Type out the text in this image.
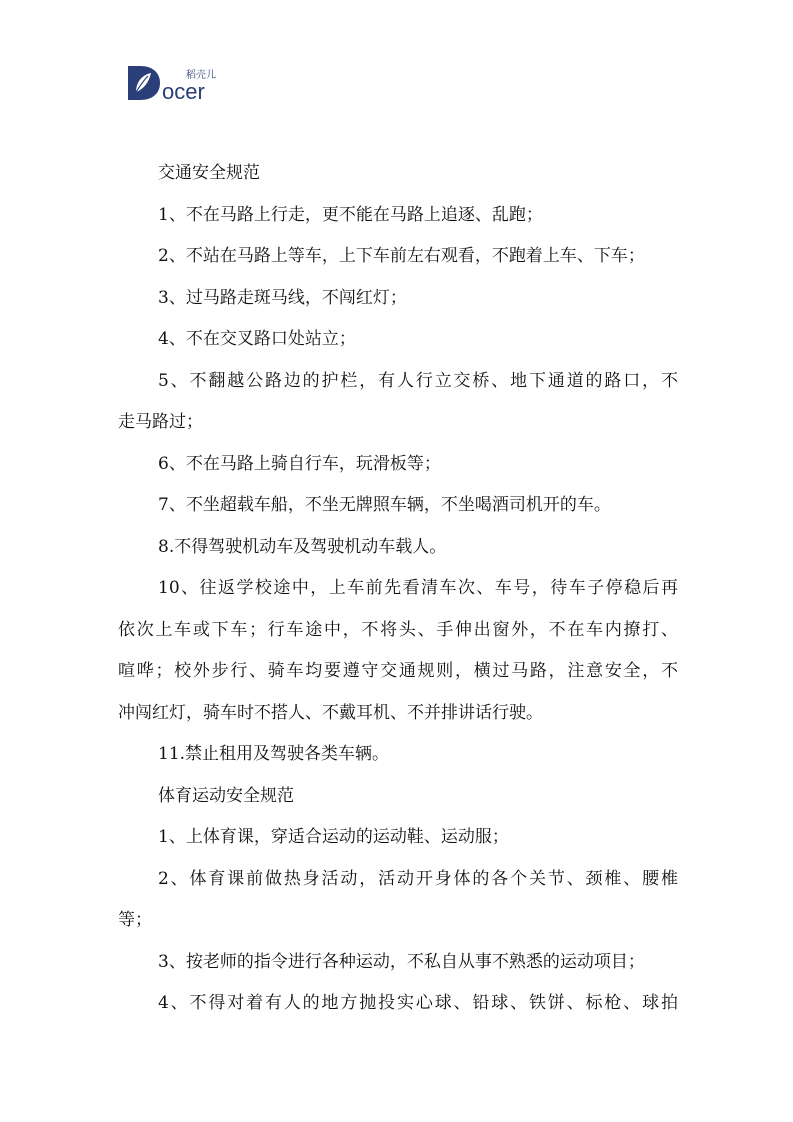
ocer
稻壳儿
交通安全规范
1、不在马路上行走，更不能在马路上追逐、乱跑；
2、不站在马路上等车，上下车前左右观看，不跑着上车、下车；
3、过马路走斑马线，不闯红灯；
4、不在交叉路口处站立；
5、不翻越公路边的护栏，有人行立交桥、地下通道的路口，不
走马路过；
6、不在马路上骑自行车，玩滑板等；
7、不坐超载车船，不坐无牌照车辆，不坐喝酒司机开的车。
8.不得驾驶机动车及驾驶机动车载人。
10、往返学校途中，上车前先看清车次、车号，待车子停稳后再
依次上车或下车；行车途中，不将头、手伸出窗外，不在车内撩打、
喧哗；校外步行、骑车均要遵守交通规则，横过马路，注意安全，不
冲闯红灯，骑车时不搭人、不戴耳机、不并排讲话行驶。
11.禁止租用及驾驶各类车辆。
体育运动安全规范
1、上体育课，穿适合运动的运动鞋、运动服；
2、体育课前做热身活动，活动开身体的各个关节、颈椎、腰椎
等；
3、按老师的指令进行各种运动，不私自从事不熟悉的运动项目；
4、不得对着有人的地方抛投实心球、铅球、铁饼、标枪、球拍
